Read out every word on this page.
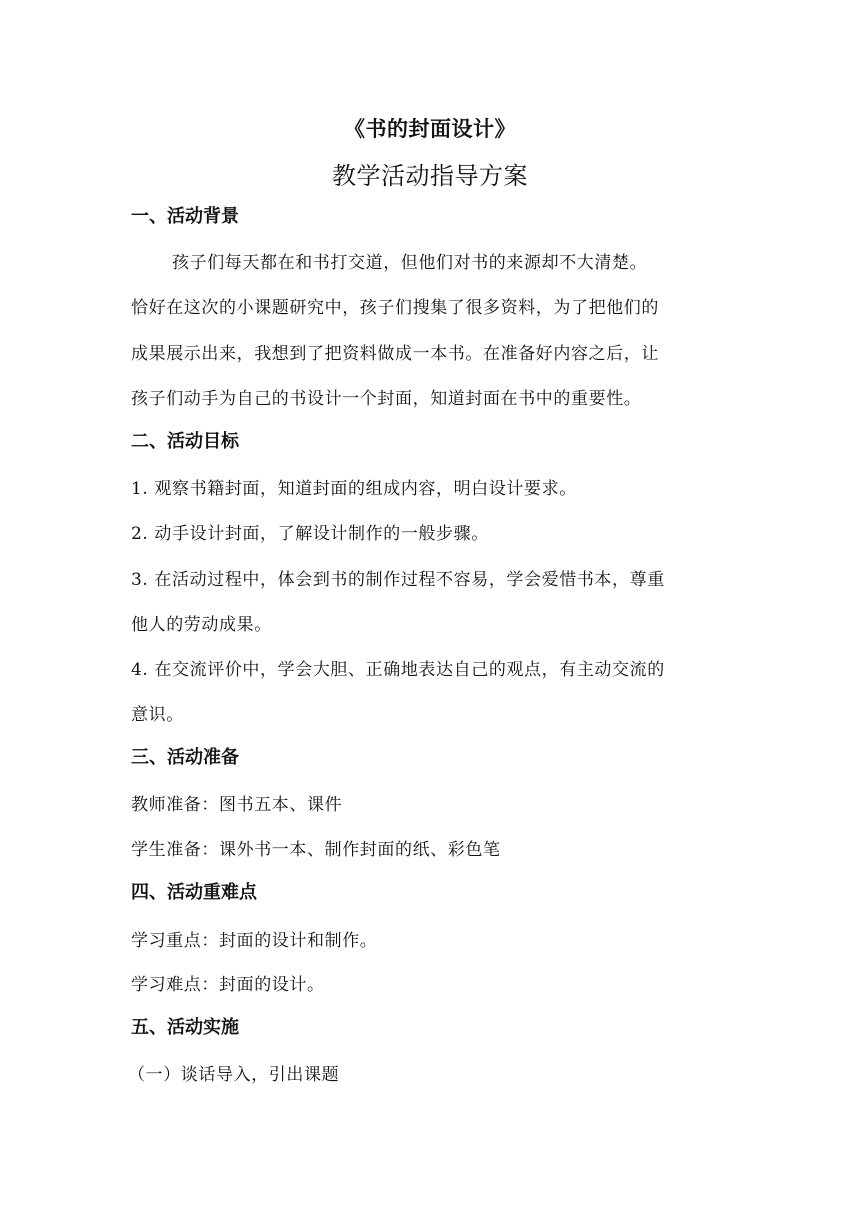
《书的封面设计》
教学活动指导方案
一、活动背景
孩子们每天都在和书打交道，但他们对书的来源却不大清楚。
恰好在这次的小课题研究中，孩子们搜集了很多资料，为了把他们的
成果展示出来，我想到了把资料做成一本书。在准备好内容之后，让
孩子们动手为自己的书设计一个封面，知道封面在书中的重要性。
二、活动目标
1. 观察书籍封面，知道封面的组成内容，明白设计要求。
2. 动手设计封面，了解设计制作的一般步骤。
3. 在活动过程中，体会到书的制作过程不容易，学会爱惜书本，尊重
他人的劳动成果。
4. 在交流评价中，学会大胆、正确地表达自己的观点，有主动交流的
意识。
三、活动准备
教师准备：图书五本、课件
学生准备：课外书一本、制作封面的纸、彩色笔
四、活动重难点
学习重点：封面的设计和制作。
学习难点：封面的设计。
五、活动实施
（一）谈话导入，引出课题
